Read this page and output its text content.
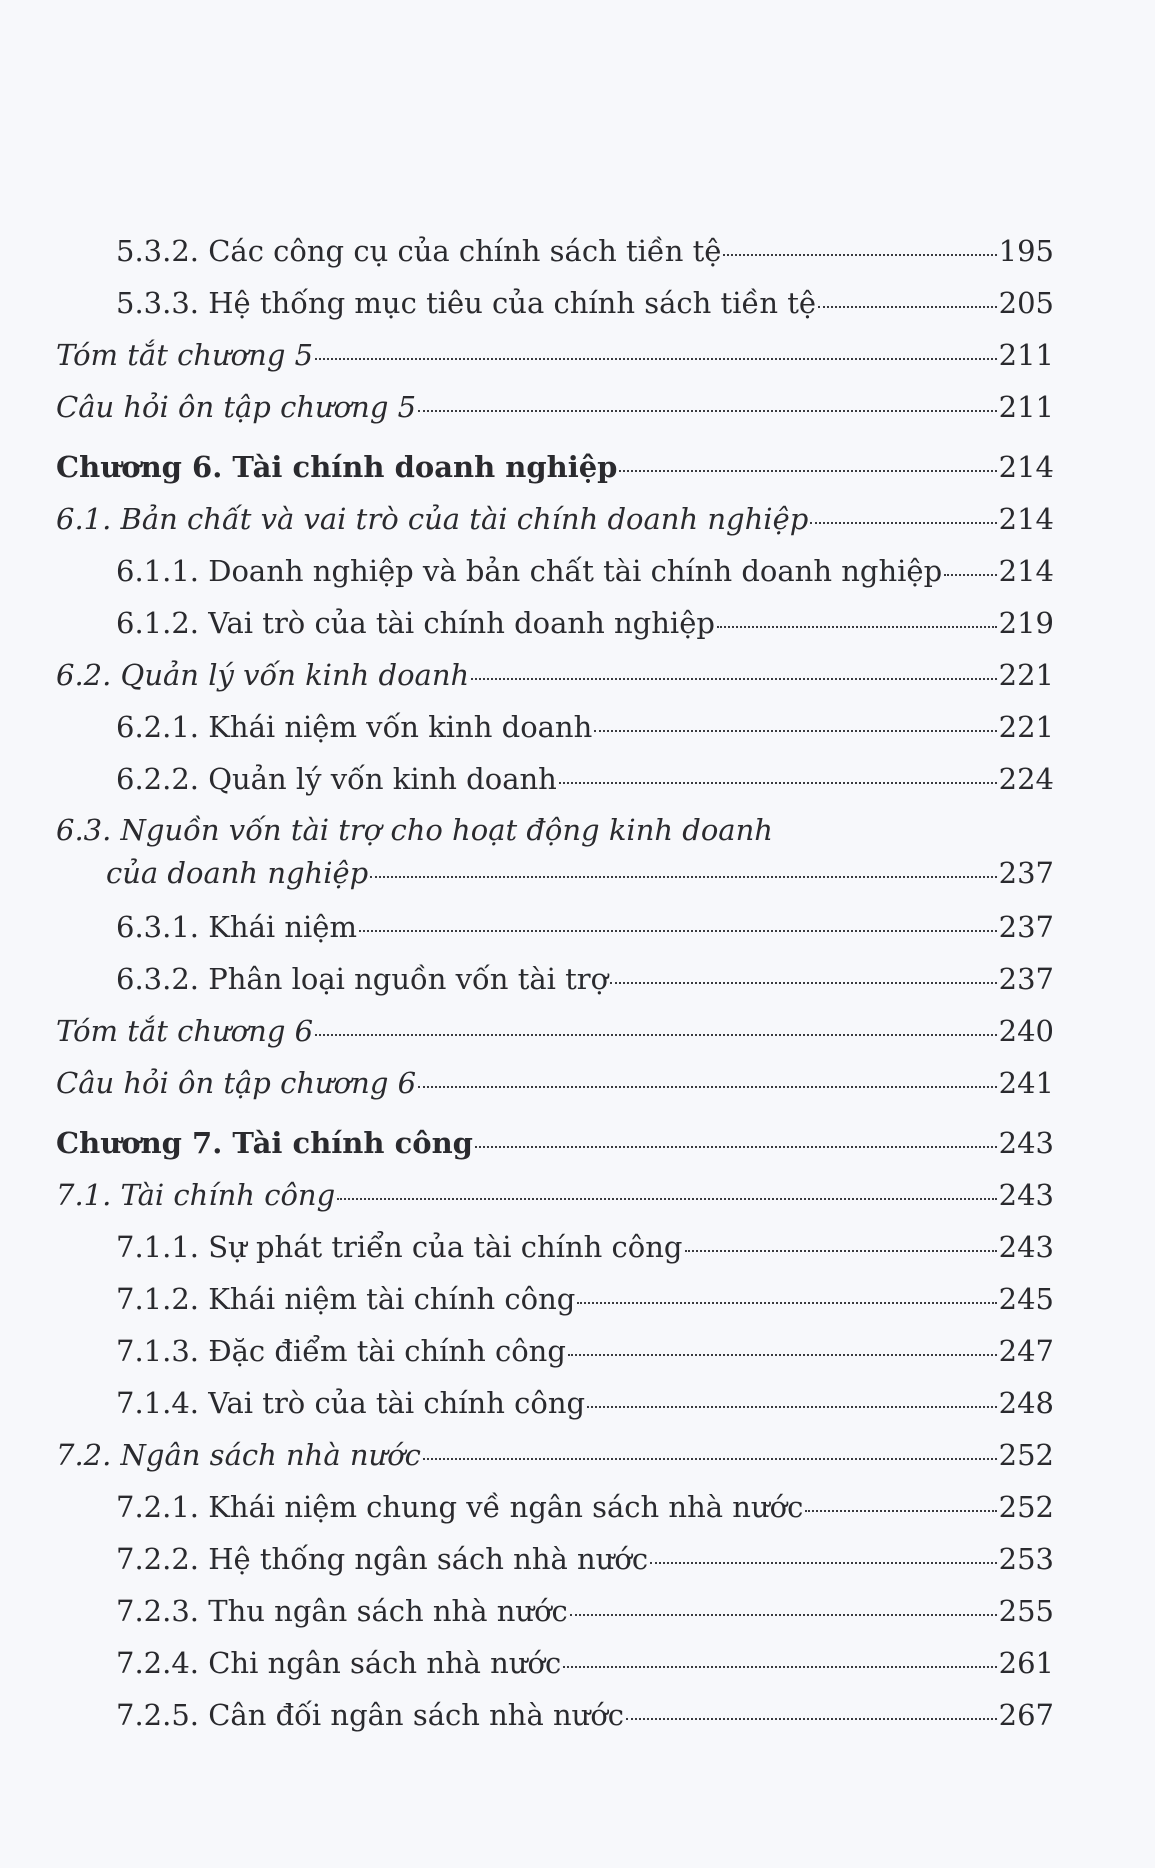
5.3.2. Các công cụ của chính sách tiền tệ	195
5.3.3. Hệ thống mục tiêu của chính sách tiền tệ	205
Tóm tắt chương 5	211
Câu hỏi ôn tập chương 5	211
Chương 6. Tài chính doanh nghiệp	214
6.1. Bản chất và vai trò của tài chính doanh nghiệp	214
6.1.1. Doanh nghiệp và bản chất tài chính doanh nghiệp 214
6.1.2. Vai trò của tài chính doanh nghiệp	219
6.2. Quản lý vốn kinh doanh	221
6.2.1. Khái niệm vốn kinh doanh	221
6.2.2. Quản lý vốn kinh doanh	224
6.3. Nguồn vốn tài trợ cho hoạt động kinh doanh
của doanh nghiệp	237
6.3.1. Khái niệm	237
6.3.2. Phân loại nguồn vốn tài trợ	237
Tóm tắt chương 6	240
Câu hỏi ôn tập chương 6	241
Chương 7. Tài chính công	243
7.1. Tài chính công	243
7.1.1. Sự phát triển của tài chính công	243
7.1.2. Khái niệm tài chính công	245
7.1.3. Đặc điểm tài chính công	247
7.1.4. Vai trò của tài chính công	248
7.2. Ngân sách nhà nước	252
7.2.1. Khái niệm chung về ngân sách nhà nước	252
7.2.2. Hệ thống ngân sách nhà nước	253
7.2.3. Thu ngân sách nhà nước	255
7.2.4. Chi ngân sách nhà nước	261
7.2.5. Cân đối ngân sách nhà nước	267
